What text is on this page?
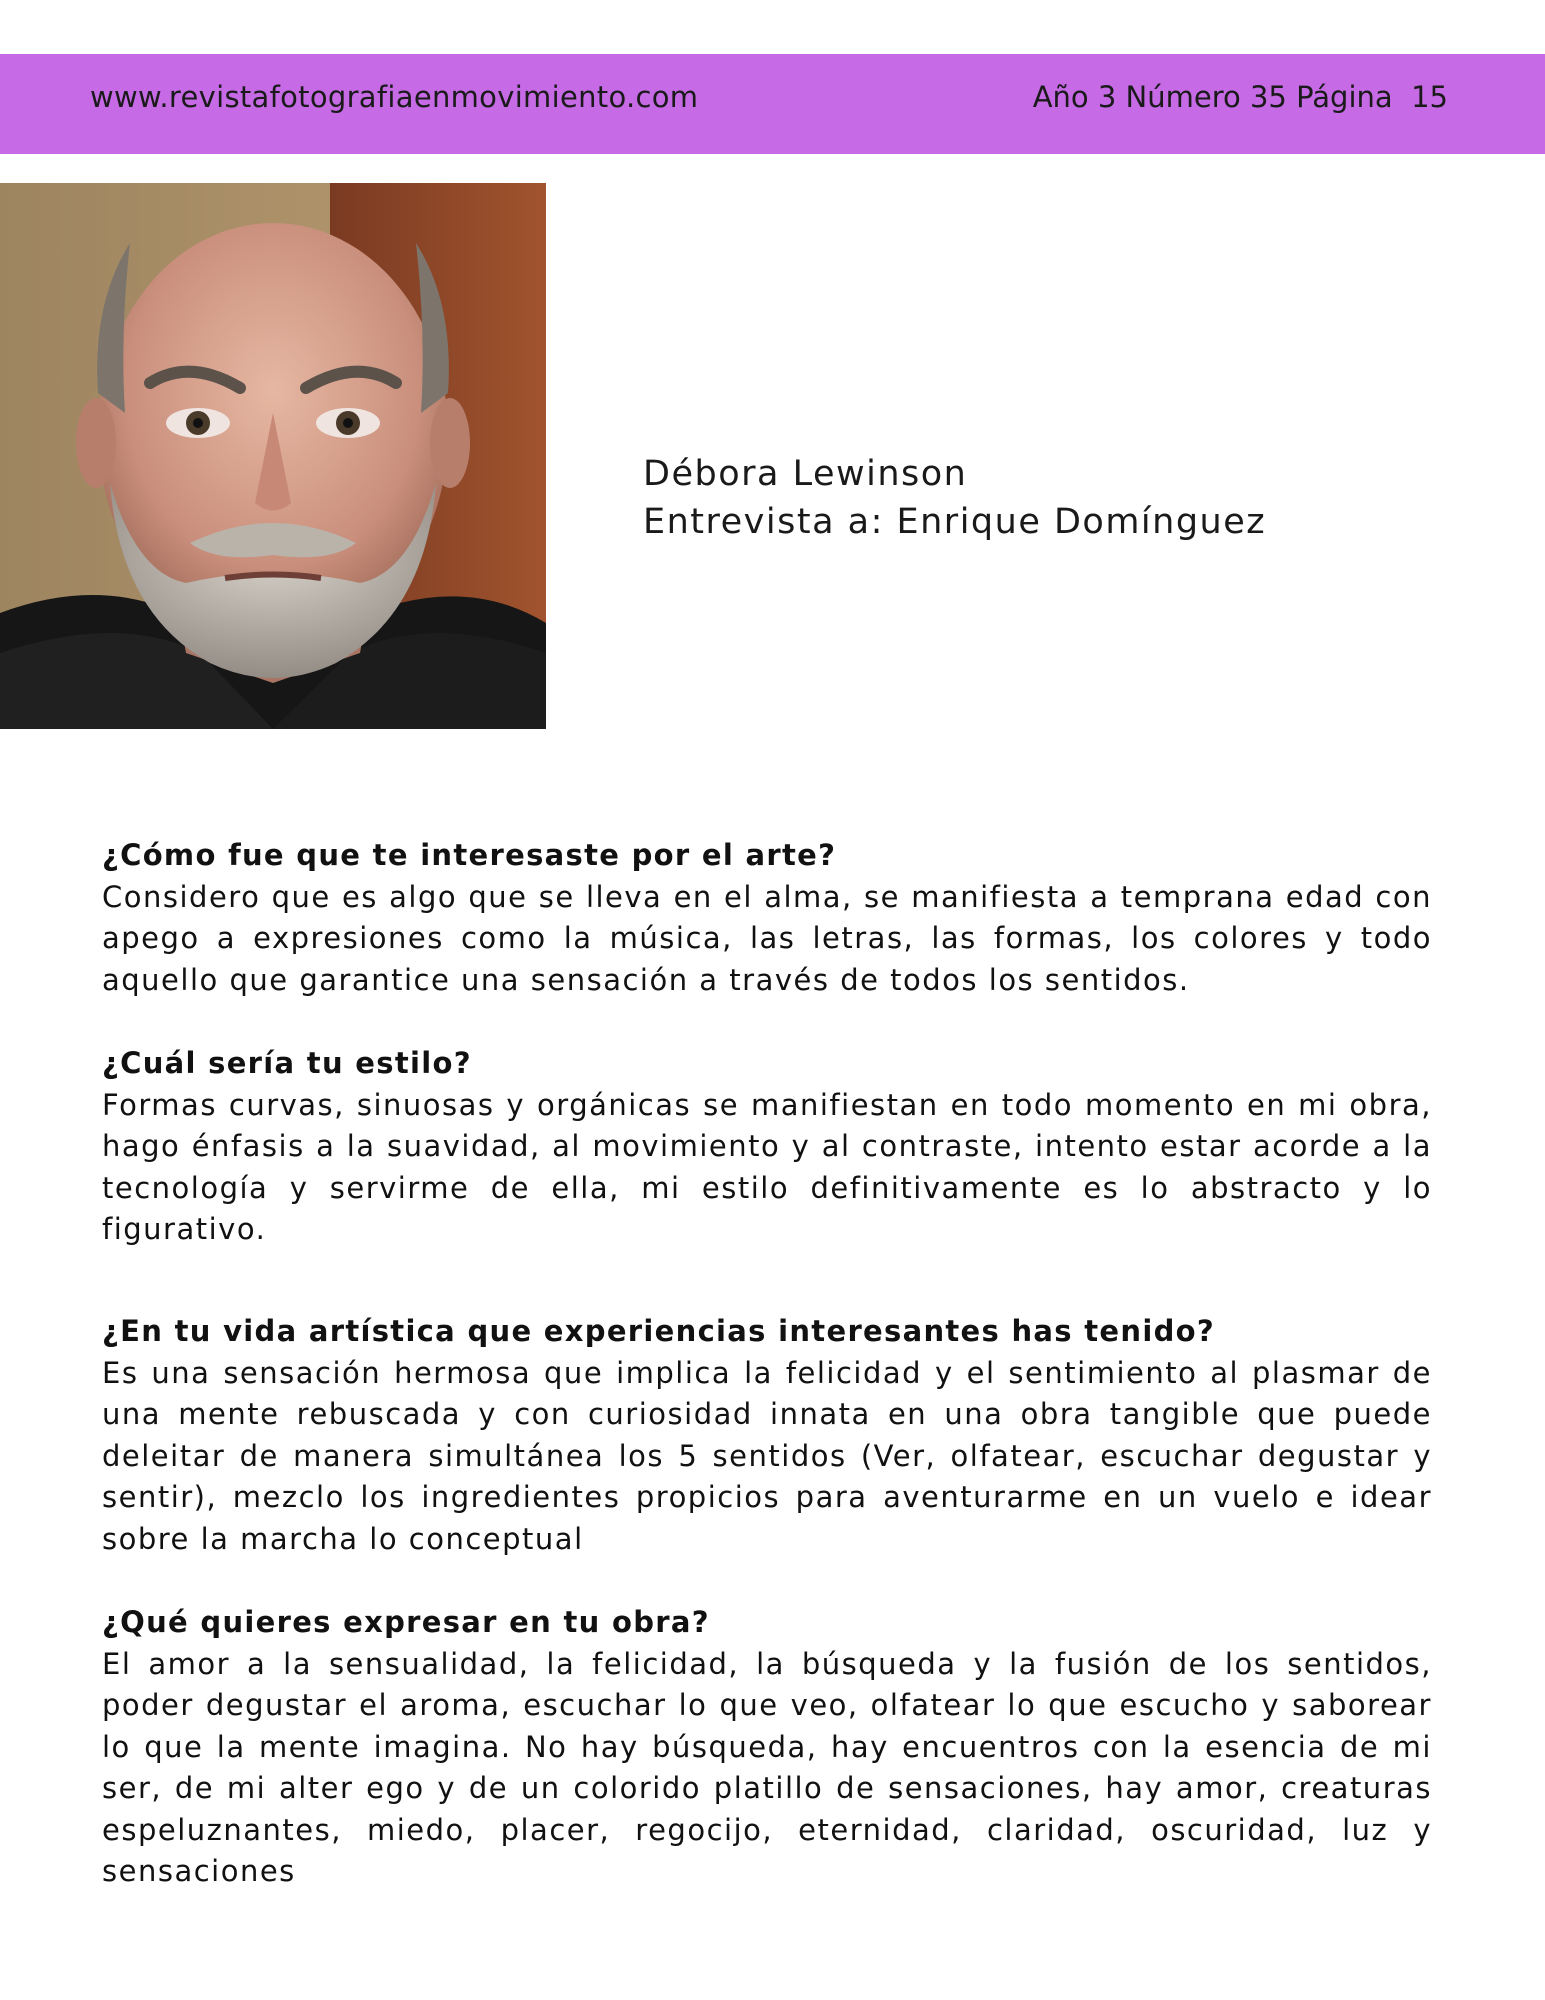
www.revistafotografiaenmovimiento.com	Año 3 Número 35 Página  15
Débora Lewinson
Entrevista a: Enrique Domínguez
¿Cómo fue que te interesaste por el arte?
Considero que es algo que se lleva en el alma, se manifiesta a temprana edad con apego a expresiones como la música, las letras, las formas, los colores y todo aquello que garantice una sensación a través de todos los sentidos.
¿Cuál sería tu estilo?
Formas curvas, sinuosas y orgánicas se manifiestan en todo momento en mi obra, hago énfasis a la suavidad, al movimiento y al contraste, intento estar acorde a la tecnología y servirme de ella, mi estilo definitivamente es lo abstracto y lo figurativo.
¿En tu vida artística que experiencias interesantes has tenido?
Es una sensación hermosa que implica la felicidad y el sentimiento al plasmar de una mente rebuscada y con curiosidad innata en una obra tangible que puede deleitar de manera simultánea los 5 sentidos (Ver, olfatear, escuchar degustar y sentir), mezclo los ingredientes propicios para aventurarme en un vuelo e idear sobre la marcha lo conceptual
¿Qué quieres expresar en tu obra?
El amor a la sensualidad, la felicidad, la búsqueda y la fusión de los sentidos, poder degustar el aroma, escuchar lo que veo, olfatear lo que escucho y saborear lo que la mente imagina. No hay búsqueda, hay encuentros con la esencia de mi ser, de mi alter ego y de un colorido platillo de sensaciones, hay amor, creaturas espeluznantes, miedo, placer, regocijo, eternidad, claridad, oscuridad, luz y sensaciones
